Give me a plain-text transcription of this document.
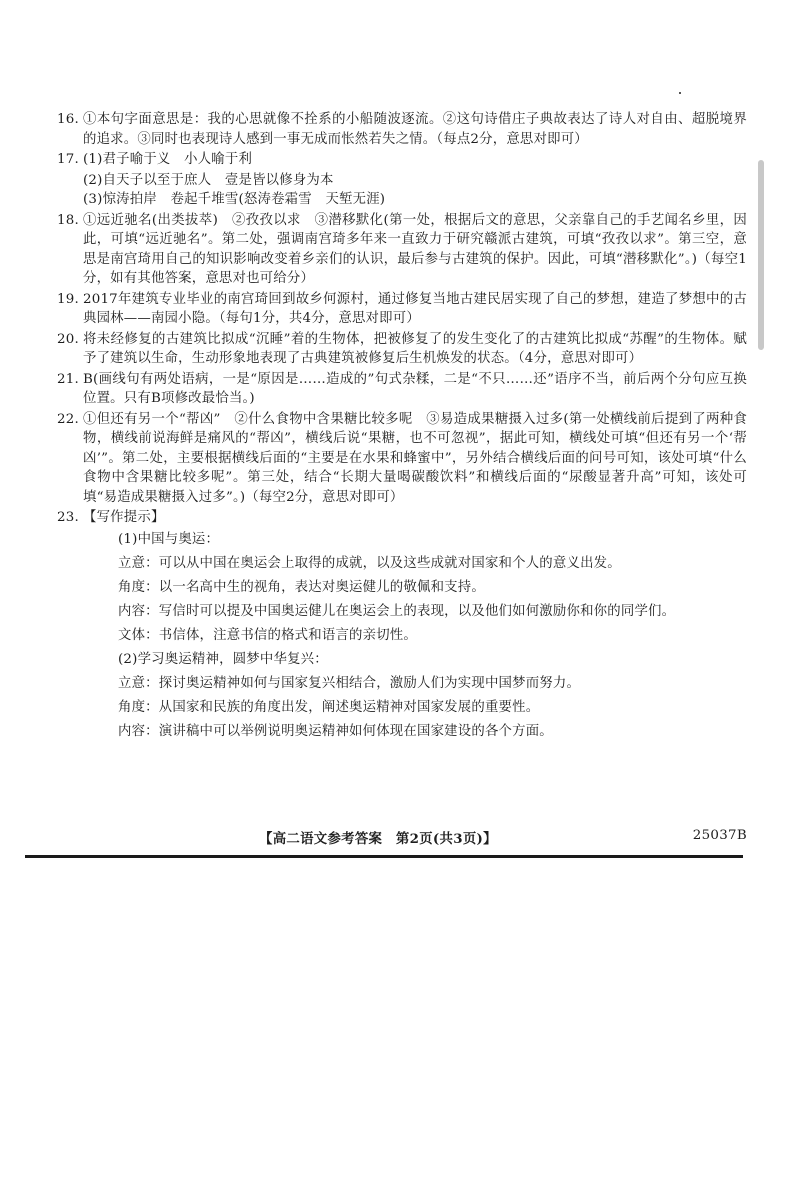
16. ①本句字面意思是：我的心思就像不拴系的小船随波逐流。②这句诗借庄子典故表达了诗人对自由、超脱境界的追求。③同时也表现诗人感到一事无成而怅然若失之情。（每点2分，意思对即可）
17. (1)君子喻于义　小人喻于利
(2)自天子以至于庶人　壹是皆以修身为本
(3)惊涛拍岸　卷起千堆雪(怒涛卷霜雪　天堑无涯)
18. ①远近驰名(出类拔萃)　②孜孜以求　③潜移默化(第一处，根据后文的意思，父亲靠自己的手艺闻名乡里，因此，可填“远近驰名”。第二处，强调南宫琦多年来一直致力于研究赣派古建筑，可填“孜孜以求”。第三空，意思是南宫琦用自己的知识影响改变着乡亲们的认识，最后参与古建筑的保护。因此，可填“潜移默化”。)（每空1分，如有其他答案，意思对也可给分）
19. 2017年建筑专业毕业的南宫琦回到故乡何源村，通过修复当地古建民居实现了自己的梦想，建造了梦想中的古典园林——南园小隐。（每句1分，共4分，意思对即可）
20. 将未经修复的古建筑比拟成“沉睡”着的生物体，把被修复了的发生变化了的古建筑比拟成“苏醒”的生物体。赋予了建筑以生命，生动形象地表现了古典建筑被修复后生机焕发的状态。（4分，意思对即可）
21. B(画线句有两处语病，一是“原因是……造成的”句式杂糅，二是“不只……还”语序不当，前后两个分句应互换位置。只有B项修改最恰当。)
22. ①但还有另一个“帮凶”　②什么食物中含果糖比较多呢　③易造成果糖摄入过多(第一处横线前后提到了两种食物，横线前说海鲜是痛风的“帮凶”，横线后说“果糖，也不可忽视”，据此可知，横线处可填“但还有另一个‘帮凶’”。第二处，主要根据横线后面的“主要是在水果和蜂蜜中”，另外结合横线后面的问号可知，该处可填“什么食物中含果糖比较多呢”。第三处，结合“长期大量喝碳酸饮料”和横线后面的“尿酸显著升高”可知，该处可填“易造成果糖摄入过多”。)（每空2分，意思对即可）
23. 【写作提示】
(1)中国与奥运：
立意：可以从中国在奥运会上取得的成就，以及这些成就对国家和个人的意义出发。
角度：以一名高中生的视角，表达对奥运健儿的敬佩和支持。
内容：写信时可以提及中国奥运健儿在奥运会上的表现，以及他们如何激励你和你的同学们。
文体：书信体，注意书信的格式和语言的亲切性。
(2)学习奥运精神，圆梦中华复兴：
立意：探讨奥运精神如何与国家复兴相结合，激励人们为实现中国梦而努力。
角度：从国家和民族的角度出发，阐述奥运精神对国家发展的重要性。
内容：演讲稿中可以举例说明奥运精神如何体现在国家建设的各个方面。
【高二语文参考答案　第2页(共3页)】	25037B
